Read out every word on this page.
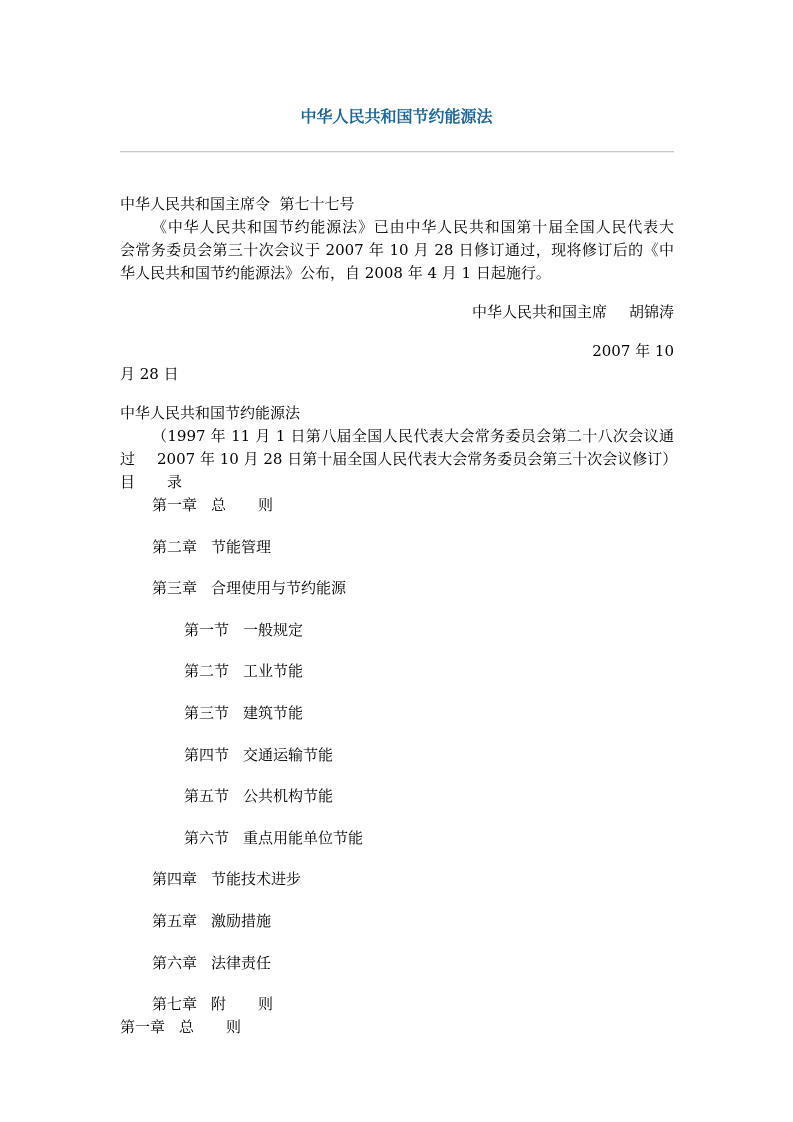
中华人民共和国节约能源法
中华人民共和国主席令  第七十七号
《中华人民共和国节约能源法》已由中华人民共和国第十届全国人民代表大
会常务委员会第三十次会议于 2007 年 10 月 28 日修订通过，现将修订后的《中
华人民共和国节约能源法》公布，自 2008 年 4 月 1 日起施行。
中华人民共和国主席 胡锦涛
2007 年 10
月 28 日
中华人民共和国节约能源法
（1997 年 11 月 1 日第八届全国人民代表大会常务委员会第二十八次会议通
过 2007 年 10 月 28 日第十届全国人民代表大会常务委员会第三十次会议修订）
目 录
第一章 总 则
第二章 节能管理
第三章 合理使用与节约能源
第一节 一般规定
第二节 工业节能
第三节 建筑节能
第四节 交通运输节能
第五节 公共机构节能
第六节 重点用能单位节能
第四章 节能技术进步
第五章 激励措施
第六章 法律责任
第七章 附 则
第一章 总 则
